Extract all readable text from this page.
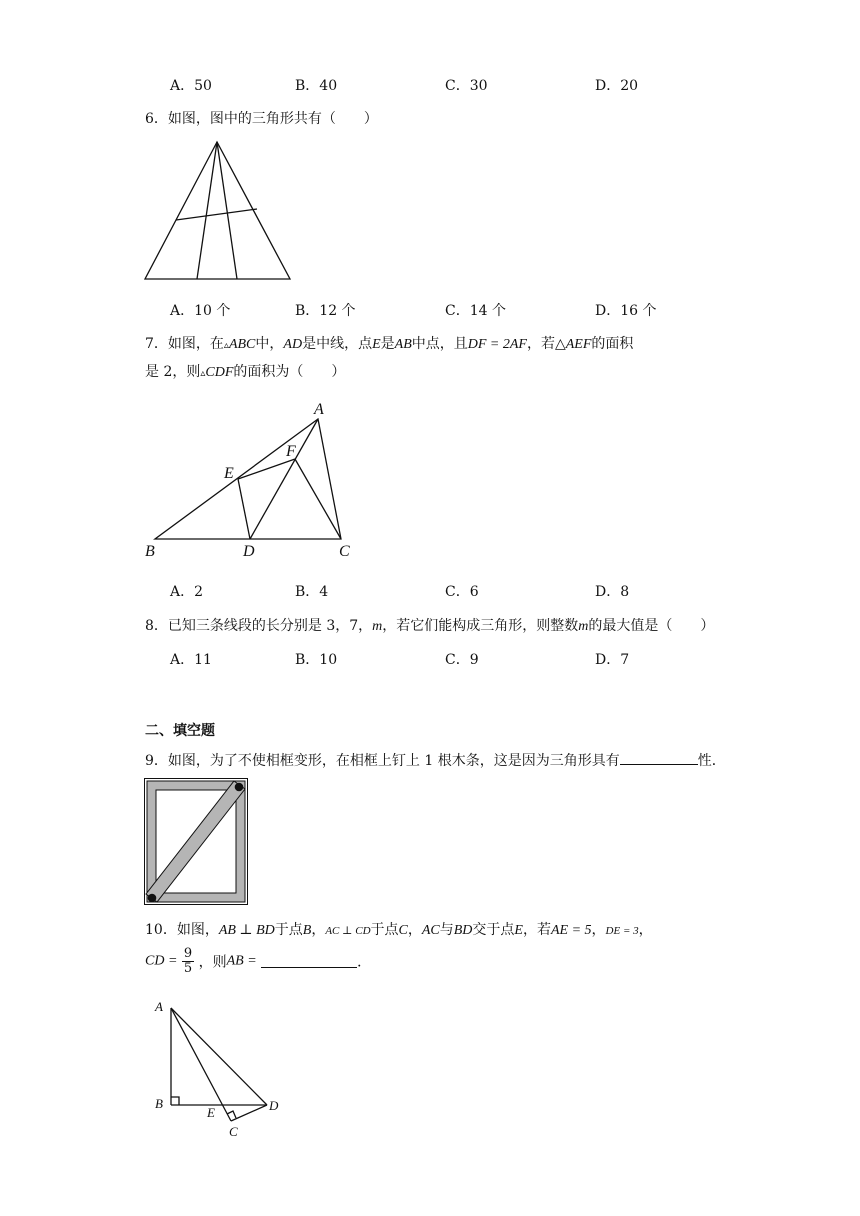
A．50	B．40	C．30	D．20
6．如图，图中的三角形共有（　　）
A．10 个	B．12 个	C．14 个	D．16 个
7．如图，在▵ABC中，AD是中线，点E是AB中点，且DF = 2AF，若△AEF的面积
是 2，则▵CDF的面积为（　　）
A
B	C
D
E
F
A．2	B．4	C．6	D．8
8．已知三条线段的长分别是 3，7，m，若它们能构成三角形，则整数m的最大值是（　　）
A．11	B．10	C．9	D．7
二、填空题
9．如图，为了不使相框变形，在相框上钉上 1 根木条，这是因为三角形具有	性．
10．如图，AB ⊥ BD于点B，AC ⊥ CD于点C，AC与BD交于点E，若AE = 5，DE = 3，
CD = $\frac{9}{5}$ ，则AB =	．
A
B
C
D
E
